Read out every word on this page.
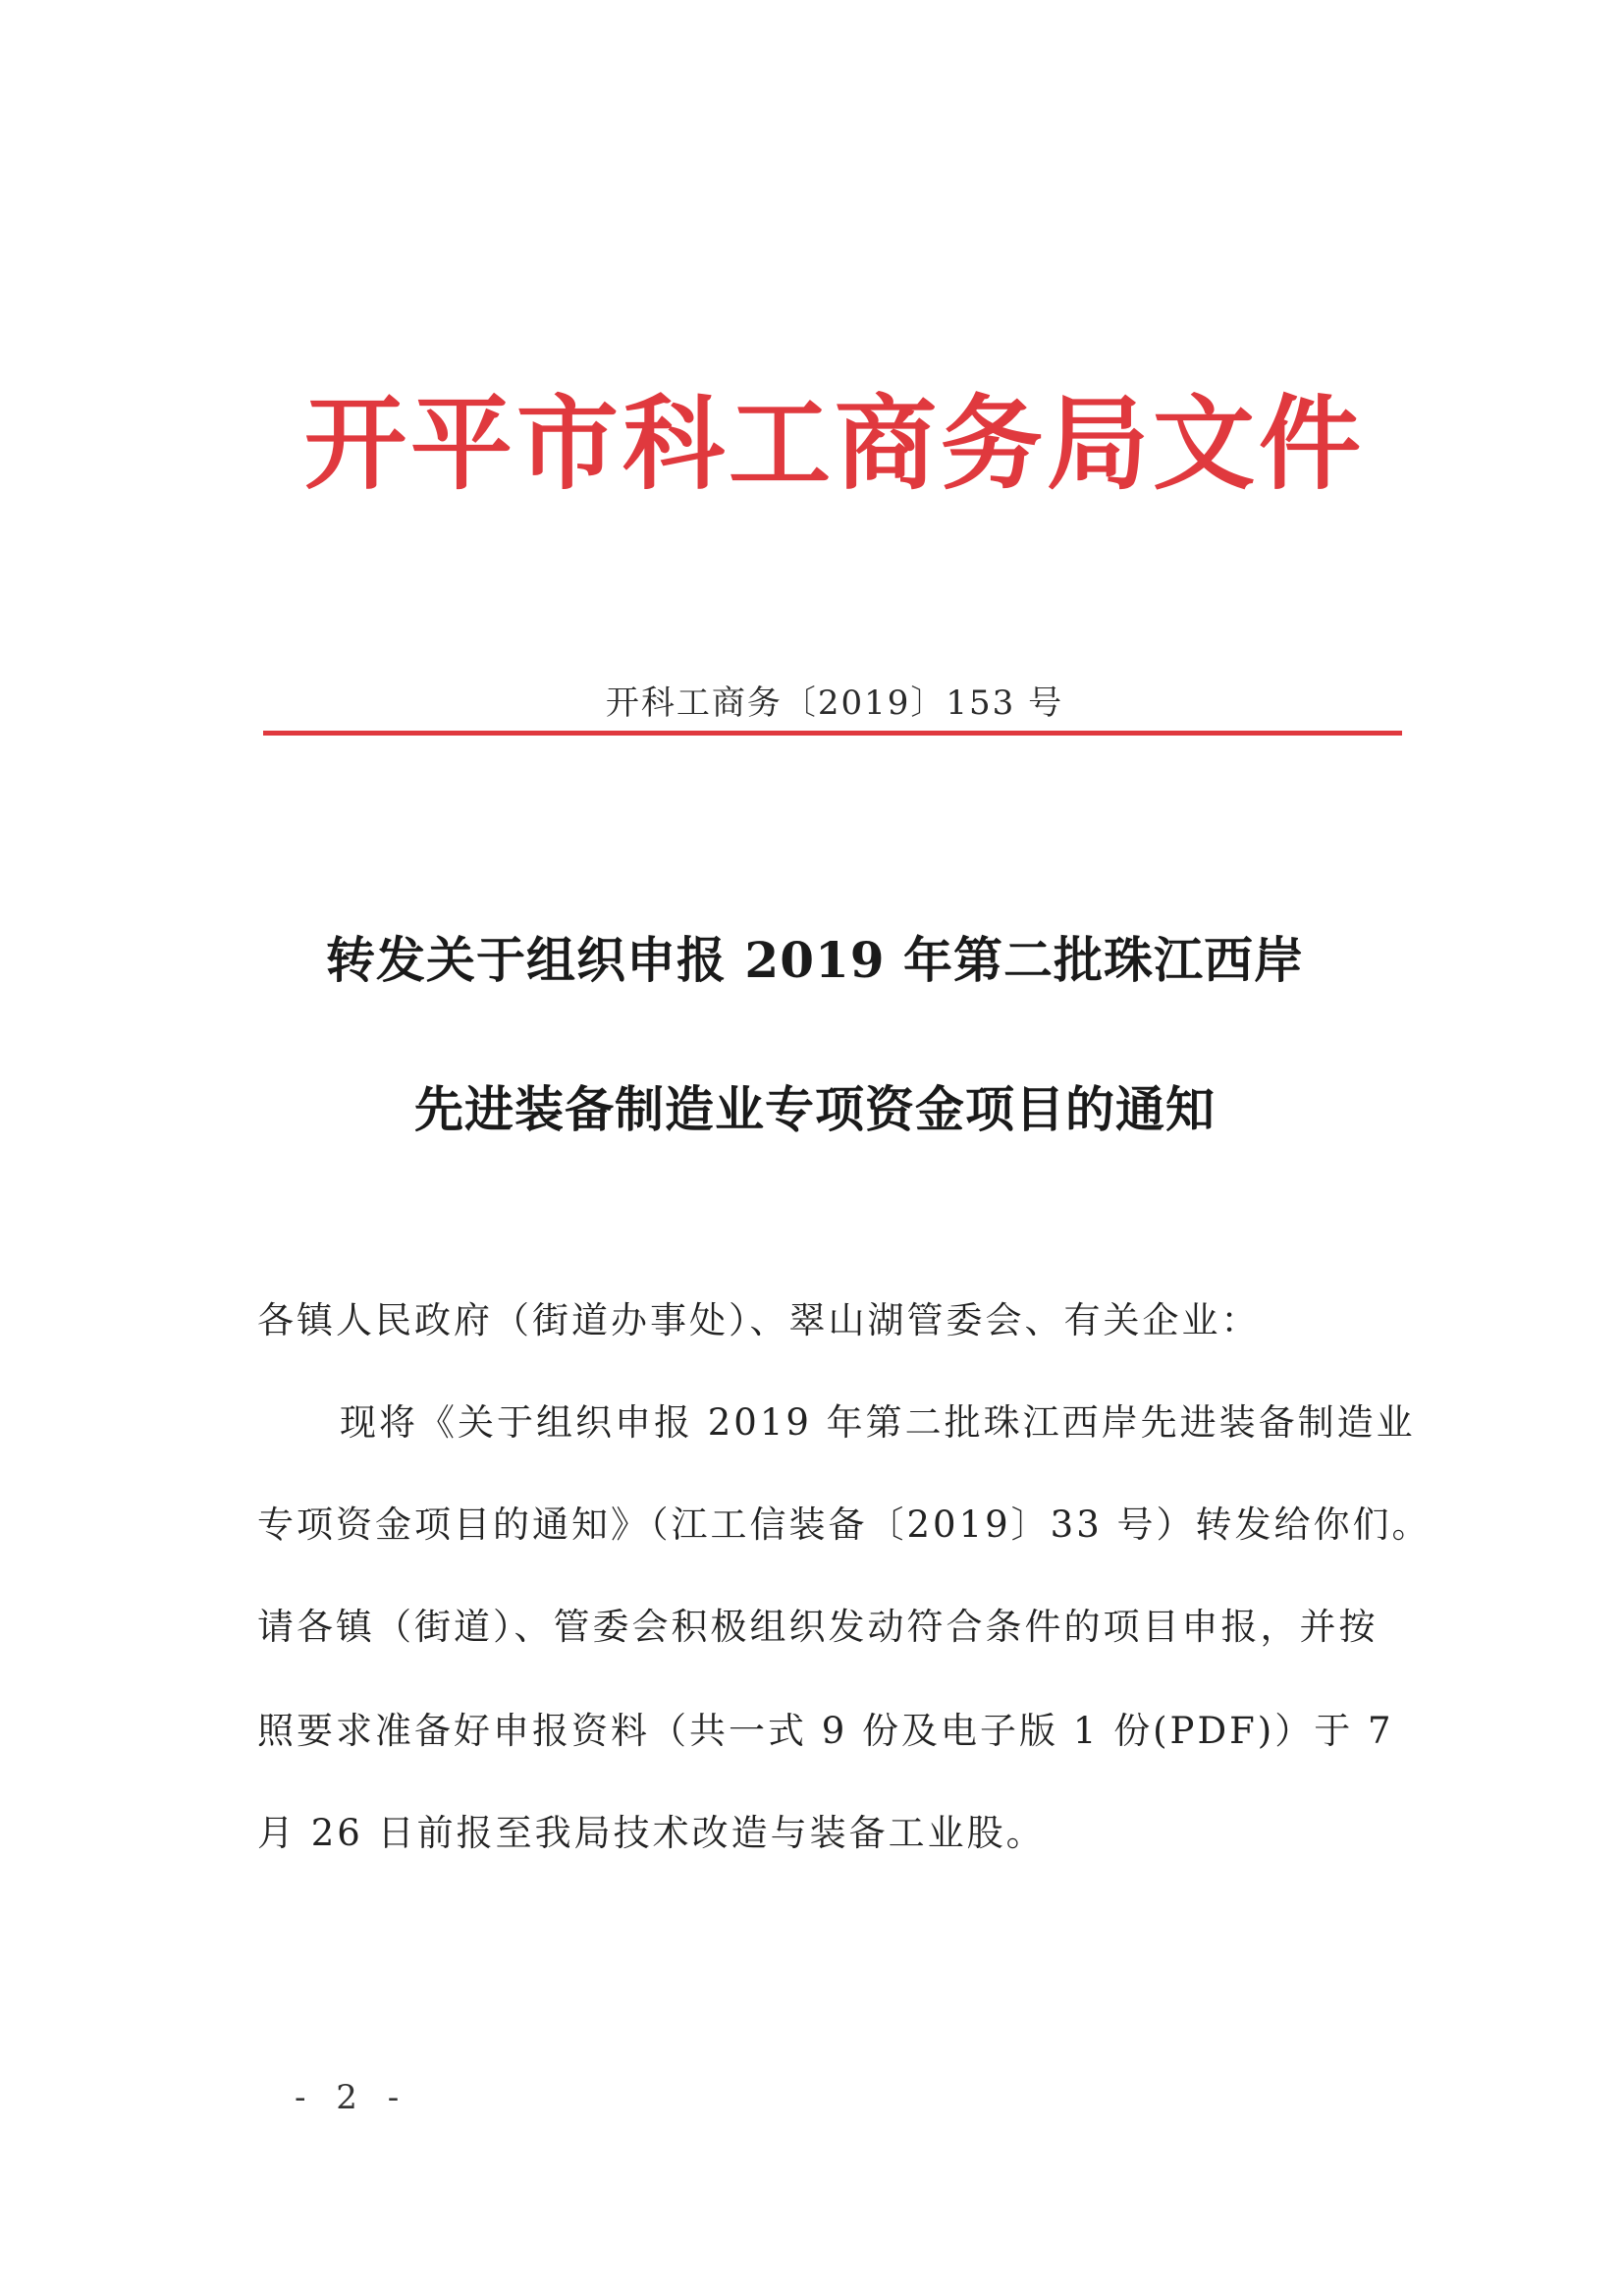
开平市科工商务局文件
开科工商务〔2019〕153 号
转发关于组织申报 2019 年第二批珠江西岸
先进装备制造业专项资金项目的通知
各镇人民政府（街道办事处）、翠山湖管委会、有关企业：
现将《关于组织申报 2019 年第二批珠江西岸先进装备制造业
专项资金项目的通知》（江工信装备〔2019〕33 号）转发给你们。
请各镇（街道）、管委会积极组织发动符合条件的项目申报，并按
照要求准备好申报资料（共一式 9 份及电子版 1 份(PDF)）于 7
月 26 日前报至我局技术改造与装备工业股。
- 2 -
